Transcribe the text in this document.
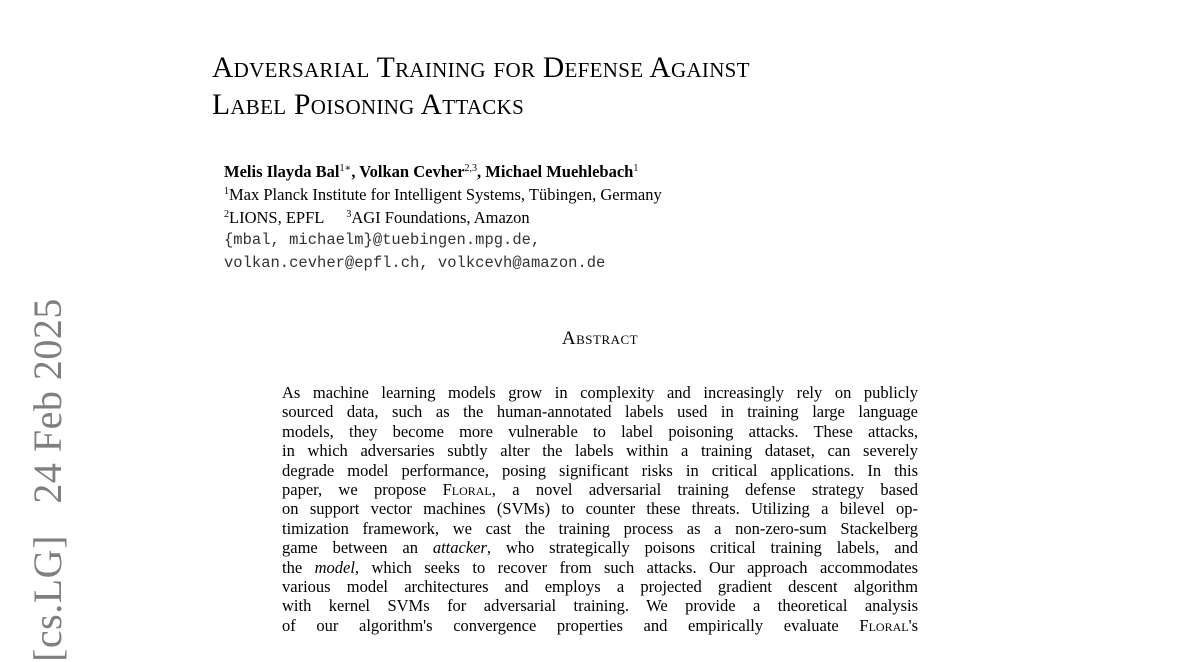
[cs.LG]   24 Feb 2025
Adversarial Training for Defense Against
Label Poisoning Attacks
Melis Ilayda Bal$^{1∗}$, Volkan Cevher$^{2,3}$, Michael Muehlebach$^1$
$^1$Max Planck Institute for Intelligent Systems, Tübingen, Germany
$^2$LIONS, EPFL $^3$AGI Foundations, Amazon
{mbal, michaelm}@tuebingen.mpg.de,
volkan.cevher@epfl.ch, volkcevh@amazon.de
Abstract
As machine learning models grow in complexity and increasingly rely on publicly
sourced data, such as the human-annotated labels used in training large language
models, they become more vulnerable to label poisoning attacks. These attacks,
in which adversaries subtly alter the labels within a training dataset, can severely
degrade model performance, posing significant risks in critical applications. In this
paper, we propose Floral, a novel adversarial training defense strategy based
on support vector machines (SVMs) to counter these threats. Utilizing a bilevel op-
timization framework, we cast the training process as a non-zero-sum Stackelberg
game between an attacker, who strategically poisons critical training labels, and
the model, which seeks to recover from such attacks. Our approach accommodates
various model architectures and employs a projected gradient descent algorithm
with kernel SVMs for adversarial training. We provide a theoretical analysis
of our algorithm's convergence properties and empirically evaluate Floral's
